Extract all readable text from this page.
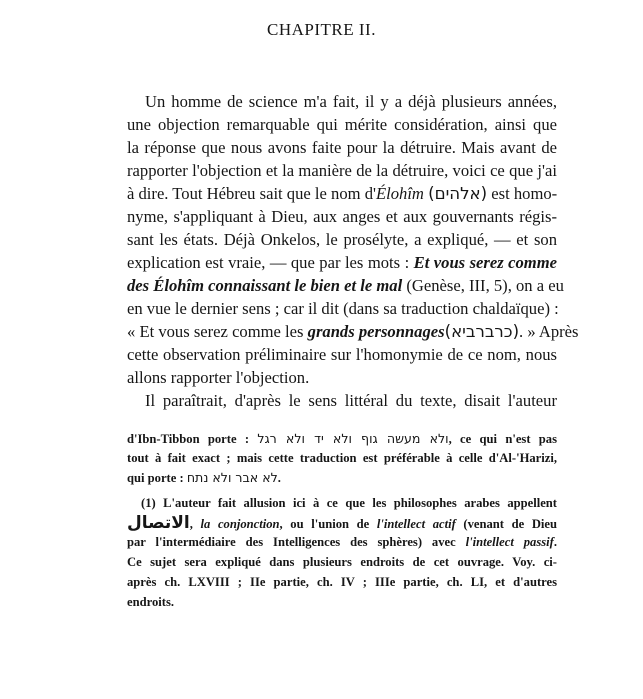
CHAPITRE II.
Un homme de science m'a fait, il y a déjà plusieurs années,
une objection remarquable qui mérite considération, ainsi que
la réponse que nous avons faite pour la détruire. Mais avant de
rapporter l'objection et la manière de la détruire, voici ce que j'ai
à dire. Tout Hébreu sait que le nom d'Élohîm (אלהים) est homo-
nyme, s'appliquant à Dieu, aux anges et aux gouvernants régis-
sant les états. Déjà Onkelos, le prosélyte, a expliqué, — et son
explication est vraie, — que par les mots : Et vous serez comme
des Élohîm connaissant le bien et le mal (Genèse, III, 5), on a eu
en vue le dernier sens ; car il dit (dans sa traduction chaldaïque) :
« Et vous serez comme les grands personnages(כרברביא). » Après
cette observation préliminaire sur l'homonymie de ce nom, nous
allons rapporter l'objection.
Il paraîtrait, d'après le sens littéral du texte, disait l'auteur
d'Ibn-Tibbon porte : ולא מעשה גוף ולא יד ולא רגל, ce qui n'est pas
tout à fait exact ; mais cette traduction est préférable à celle d'Al-'Harizi,
qui porte : לא אבר ולא נתח.
(1) L'auteur fait allusion ici à ce que les philosophes arabes appellent
الاتصال, la conjonction, ou l'union de l'intellect actif (venant de Dieu
par l'intermédiaire des Intelligences des sphères) avec l'intellect passif.
Ce sujet sera expliqué dans plusieurs endroits de cet ouvrage. Voy. ci-
après ch. LXVIII ; IIe partie, ch. IV ; IIIe partie, ch. LI, et d'autres
endroits.
